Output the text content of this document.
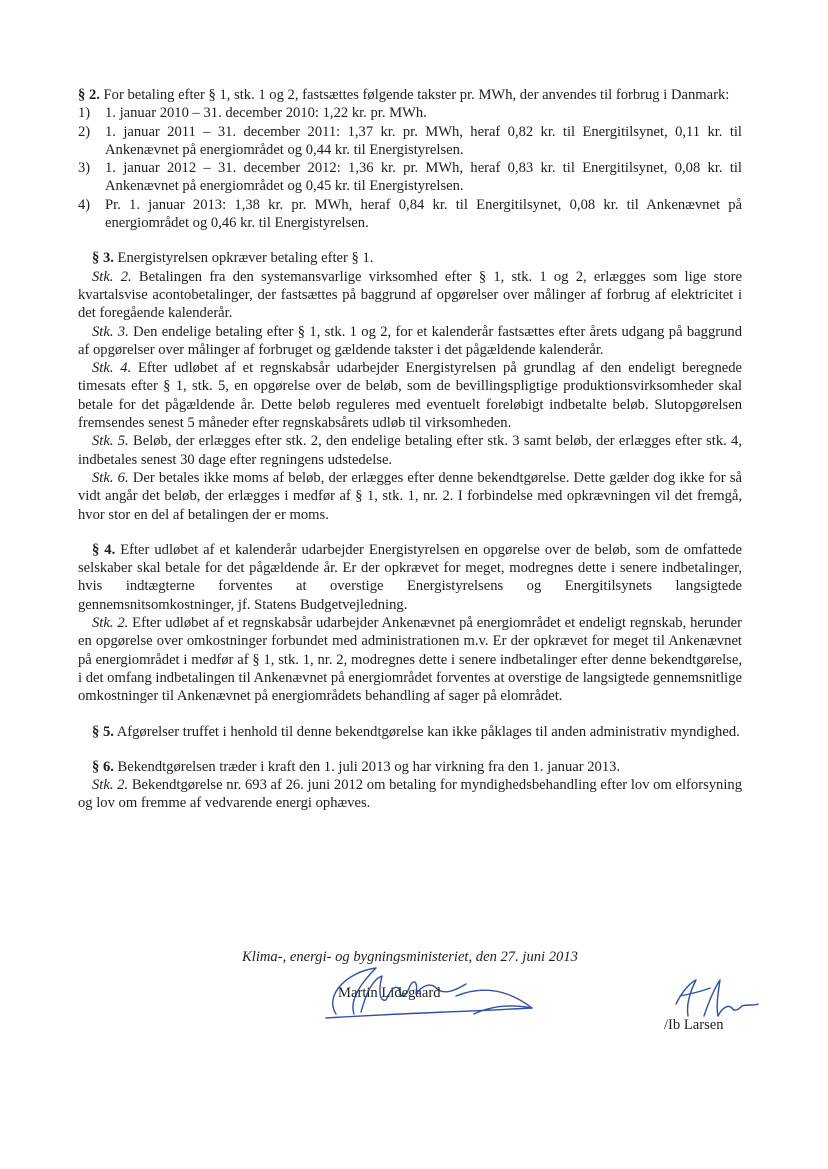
§ 2. For betaling efter § 1, stk. 1 og 2, fastsættes følgende takster pr. MWh, der anvendes til forbrug i Danmark:

1) 1. januar 2010 – 31. december 2010: 1,22 kr. pr. MWh.
2) 1. januar 2011 – 31. december 2011: 1,37 kr. pr. MWh, heraf 0,82 kr. til Energitilsynet, 0,11 kr. til Ankenævnet på energiområdet og 0,44 kr. til Energistyrelsen.
3) 1. januar 2012 – 31. december 2012: 1,36 kr. pr. MWh, heraf 0,83 kr. til Energitilsynet, 0,08 kr. til Ankenævnet på energiområdet og 0,45 kr. til Energistyrelsen.
4) Pr. 1. januar 2013: 1,38 kr. pr. MWh, heraf 0,84 kr. til Energitilsynet, 0,08 kr. til Ankenævnet på energiområdet og 0,46 kr. til Energistyrelsen.

§ 3. Energistyrelsen opkræver betaling efter § 1.

Stk. 2. Betalingen fra den systemansvarlige virksomhed efter § 1, stk. 1 og 2, erlægges som lige store kvartalsvise acontobetalinger, der fastsættes på baggrund af opgørelser over målinger af forbrug af elektricitet i det foregående kalenderår.

Stk. 3. Den endelige betaling efter § 1, stk. 1 og 2, for et kalenderår fastsættes efter årets udgang på baggrund af opgørelser over målinger af forbruget og gældende takster i det pågældende kalenderår.

Stk. 4. Efter udløbet af et regnskabsår udarbejder Energistyrelsen på grundlag af den endeligt beregnede timesats efter § 1, stk. 5, en opgørelse over de beløb, som de bevillingspligtige produktionsvirksomheder skal betale for det pågældende år. Dette beløb reguleres med eventuelt foreløbigt indbetalte beløb. Slutopgørelsen fremsendes senest 5 måneder efter regnskabsårets udløb til virksomheden.

Stk. 5. Beløb, der erlægges efter stk. 2, den endelige betaling efter stk. 3 samt beløb, der erlægges efter stk. 4, indbetales senest 30 dage efter regningens udstedelse.

Stk. 6. Der betales ikke moms af beløb, der erlægges efter denne bekendtgørelse. Dette gælder dog ikke for så vidt angår det beløb, der erlægges i medfør af § 1, stk. 1, nr. 2. I forbindelse med opkrævningen vil det fremgå, hvor stor en del af betalingen der er moms.

§ 4. Efter udløbet af et kalenderår udarbejder Energistyrelsen en opgørelse over de beløb, som de omfattede selskaber skal betale for det pågældende år. Er der opkrævet for meget, modregnes dette i senere indbetalinger, hvis indtægterne forventes at overstige Energistyrelsens og Energitilsynets langsigtede gennemsnitsomkostninger, jf. Statens Budgetvejledning.

Stk. 2. Efter udløbet af et regnskabsår udarbejder Ankenævnet på energiområdet et endeligt regnskab, herunder en opgørelse over omkostninger forbundet med administrationen m.v. Er der opkrævet for meget til Ankenævnet på energiområdet i medfør af § 1, stk. 1, nr. 2, modregnes dette i senere indbetalinger efter denne bekendtgørelse, i det omfang indbetalingen til Ankenævnet på energiområdet forventes at overstige de langsigtede gennemsnitlige omkostninger til Ankenævnet på energiområdets behandling af sager på elområdet.

§ 5. Afgørelser truffet i henhold til denne bekendtgørelse kan ikke påklages til anden administrativ myndighed.

§ 6. Bekendtgørelsen træder i kraft den 1. juli 2013 og har virkning fra den 1. januar 2013.

Stk. 2. Bekendtgørelse nr. 693 af 26. juni 2012 om betaling for myndighedsbehandling efter lov om elforsyning og lov om fremme af vedvarende energi ophæves.

Klima-, energi- og bygningsministeriet, den 27. juni 2013

Martin Lidegaard
/Ib Larsen
